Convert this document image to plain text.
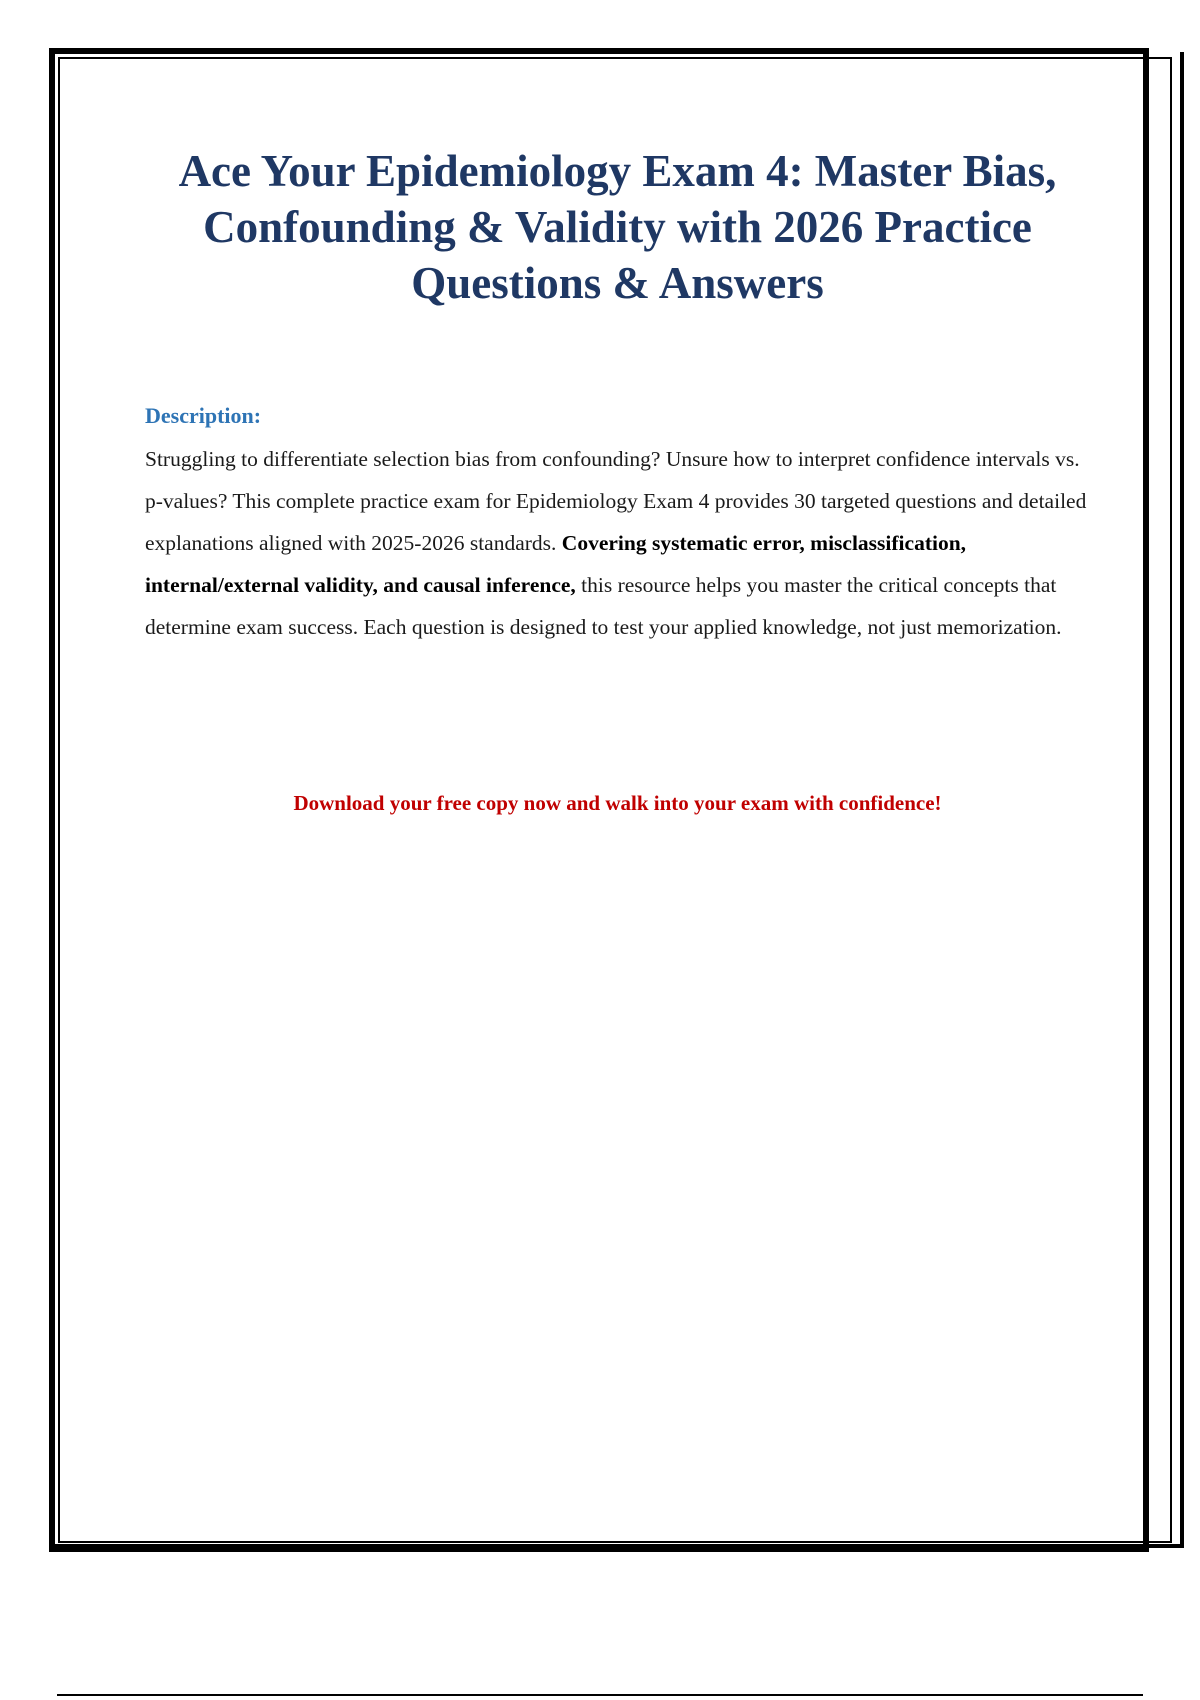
Ace Your Epidemiology Exam 4: Master Bias, Confounding & Validity with 2026 Practice Questions & Answers

Description:

Struggling to differentiate selection bias from confounding? Unsure how to interpret confidence intervals vs. p-values? This complete practice exam for Epidemiology Exam 4 provides 30 targeted questions and detailed explanations aligned with 2025-2026 standards. Covering systematic error, misclassification, internal/external validity, and causal inference, this resource helps you master the critical concepts that determine exam success. Each question is designed to test your applied knowledge, not just memorization.

Download your free copy now and walk into your exam with confidence!
